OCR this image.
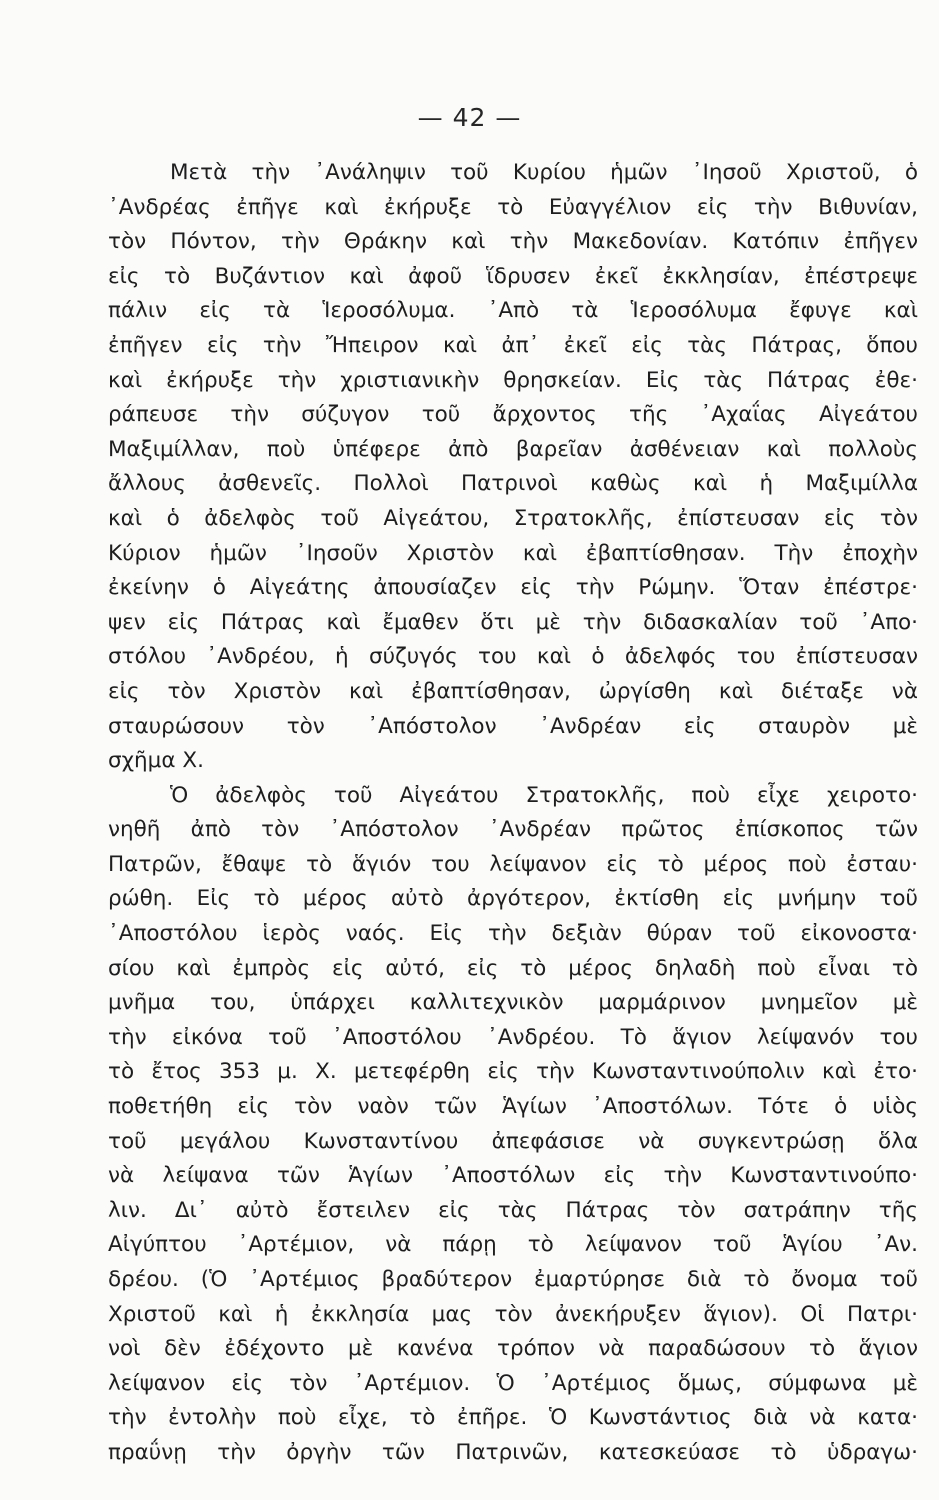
— 42 —
Μετὰ τὴν ᾿Ανάληψιν τοῦ Κυρίου ἡμῶν ᾿Ιησοῦ Χριστοῦ, ὁ
᾿Ανδρέας ἐπῆγε καὶ ἐκήρυξε τὸ Εὐαγγέλιον εἰς τὴν Βιθυνίαν,
τὸν Πόντον, τὴν Θράκην καὶ τὴν Μακεδονίαν. Κατόπιν ἐπῆγεν
εἰς τὸ Βυζάντιον καὶ ἀφοῦ ἵδρυσεν ἐκεῖ ἐκκλησίαν, ἐπέστρεψε
πάλιν εἰς τὰ Ἱεροσόλυμα. ᾿Απὸ τὰ Ἱεροσόλυμα ἔφυγε καὶ
ἐπῆγεν εἰς τὴν Ἤπειρον καὶ ἀπ᾿ ἐκεῖ εἰς τὰς Πάτρας, ὅπου
καὶ ἐκήρυξε τὴν χριστιανικὴν θρησκείαν. Εἰς τὰς Πάτρας ἐθε·
ράπευσε τὴν σύζυγον τοῦ ἄρχοντος τῆς ᾿Αχαΐας Αἰγεάτου
Μαξιμίλλαν, ποὺ ὑπέφερε ἀπὸ βαρεῖαν ἀσθένειαν καὶ πολλοὺς
ἄλλους ἀσθενεῖς. Πολλοὶ Πατρινοὶ καθὼς καὶ ἡ Μαξιμίλλα
καὶ ὁ ἀδελφὸς τοῦ Αἰγεάτου, Στρατοκλῆς, ἐπίστευσαν εἰς τὸν
Κύριον ἡμῶν ᾿Ιησοῦν Χριστὸν καὶ ἐβαπτίσθησαν. Τὴν ἐποχὴν
ἐκείνην ὁ Αἰγεάτης ἀπουσίαζεν εἰς τὴν Ρώμην. Ὅταν ἐπέστρε·
ψεν εἰς Πάτρας καὶ ἔμαθεν ὅτι μὲ τὴν διδασκαλίαν τοῦ ᾿Απο·
στόλου ᾿Ανδρέου, ἡ σύζυγός του καὶ ὁ ἀδελφός του ἐπίστευσαν
εἰς τὸν Χριστὸν καὶ ἐβαπτίσθησαν, ὠργίσθη καὶ διέταξε νὰ
σταυρώσουν τὸν ᾿Απόστολον ᾿Ανδρέαν εἰς σταυρὸν μὲ
σχῆμα Χ.
Ὁ ἀδελφὸς τοῦ Αἰγεάτου Στρατοκλῆς, ποὺ εἶχε χειροτο·
νηθῆ ἀπὸ τὸν ᾿Απόστολον ᾿Ανδρέαν πρῶτος ἐπίσκοπος τῶν
Πατρῶν, ἔθαψε τὸ ἅγιόν του λείψανον εἰς τὸ μέρος ποὺ ἐσταυ·
ρώθη. Εἰς τὸ μέρος αὐτὸ ἀργότερον, ἐκτίσθη εἰς μνήμην τοῦ
᾿Αποστόλου ἱερὸς ναός. Εἰς τὴν δεξιὰν θύραν τοῦ εἰκονοστα·
σίου καὶ ἐμπρὸς εἰς αὐτό, εἰς τὸ μέρος δηλαδὴ ποὺ εἶναι τὸ
μνῆμα του, ὑπάρχει καλλιτεχνικὸν μαρμάρινον μνημεῖον μὲ
τὴν εἰκόνα τοῦ ᾿Αποστόλου ᾿Ανδρέου. Τὸ ἅγιον λείψανόν του
τὸ ἔτος 353 μ. Χ. μετεφέρθη εἰς τὴν Κωνσταντινούπολιν καὶ ἐτο·
ποθετήθη εἰς τὸν ναὸν τῶν Ἁγίων ᾿Αποστόλων. Τότε ὁ υἱὸς
τοῦ μεγάλου Κωνσταντίνου ἀπεφάσισε νὰ συγκεντρώσῃ ὅλα
νὰ λείψανα τῶν Ἁγίων ᾿Αποστόλων εἰς τὴν Κωνσταντινούπο·
λιν. Δι᾿ αὐτὸ ἔστειλεν εἰς τὰς Πάτρας τὸν σατράπην τῆς
Αἰγύπτου ᾿Αρτέμιον, νὰ πάρῃ τὸ λείψανον τοῦ Ἁγίου ᾿Αν.
δρέου. (Ὁ ᾿Αρτέμιος βραδύτερον ἐμαρτύρησε διὰ τὸ ὄνομα τοῦ
Χριστοῦ καὶ ἡ ἐκκλησία μας τὸν ἀνεκήρυξεν ἅγιον). Οἱ Πατρι·
νοὶ δὲν ἐδέχοντο μὲ κανένα τρόπον νὰ παραδώσουν τὸ ἅγιον
λείψανον εἰς τὸν ᾿Αρτέμιον. Ὁ ᾿Αρτέμιος ὅμως, σύμφωνα μὲ
τὴν ἐντολὴν ποὺ εἶχε, τὸ ἐπῆρε. Ὁ Κωνστάντιος διὰ νὰ κατα·
πραΰνῃ τὴν ὀργὴν τῶν Πατρινῶν, κατεσκεύασε τὸ ὑδραγω·
